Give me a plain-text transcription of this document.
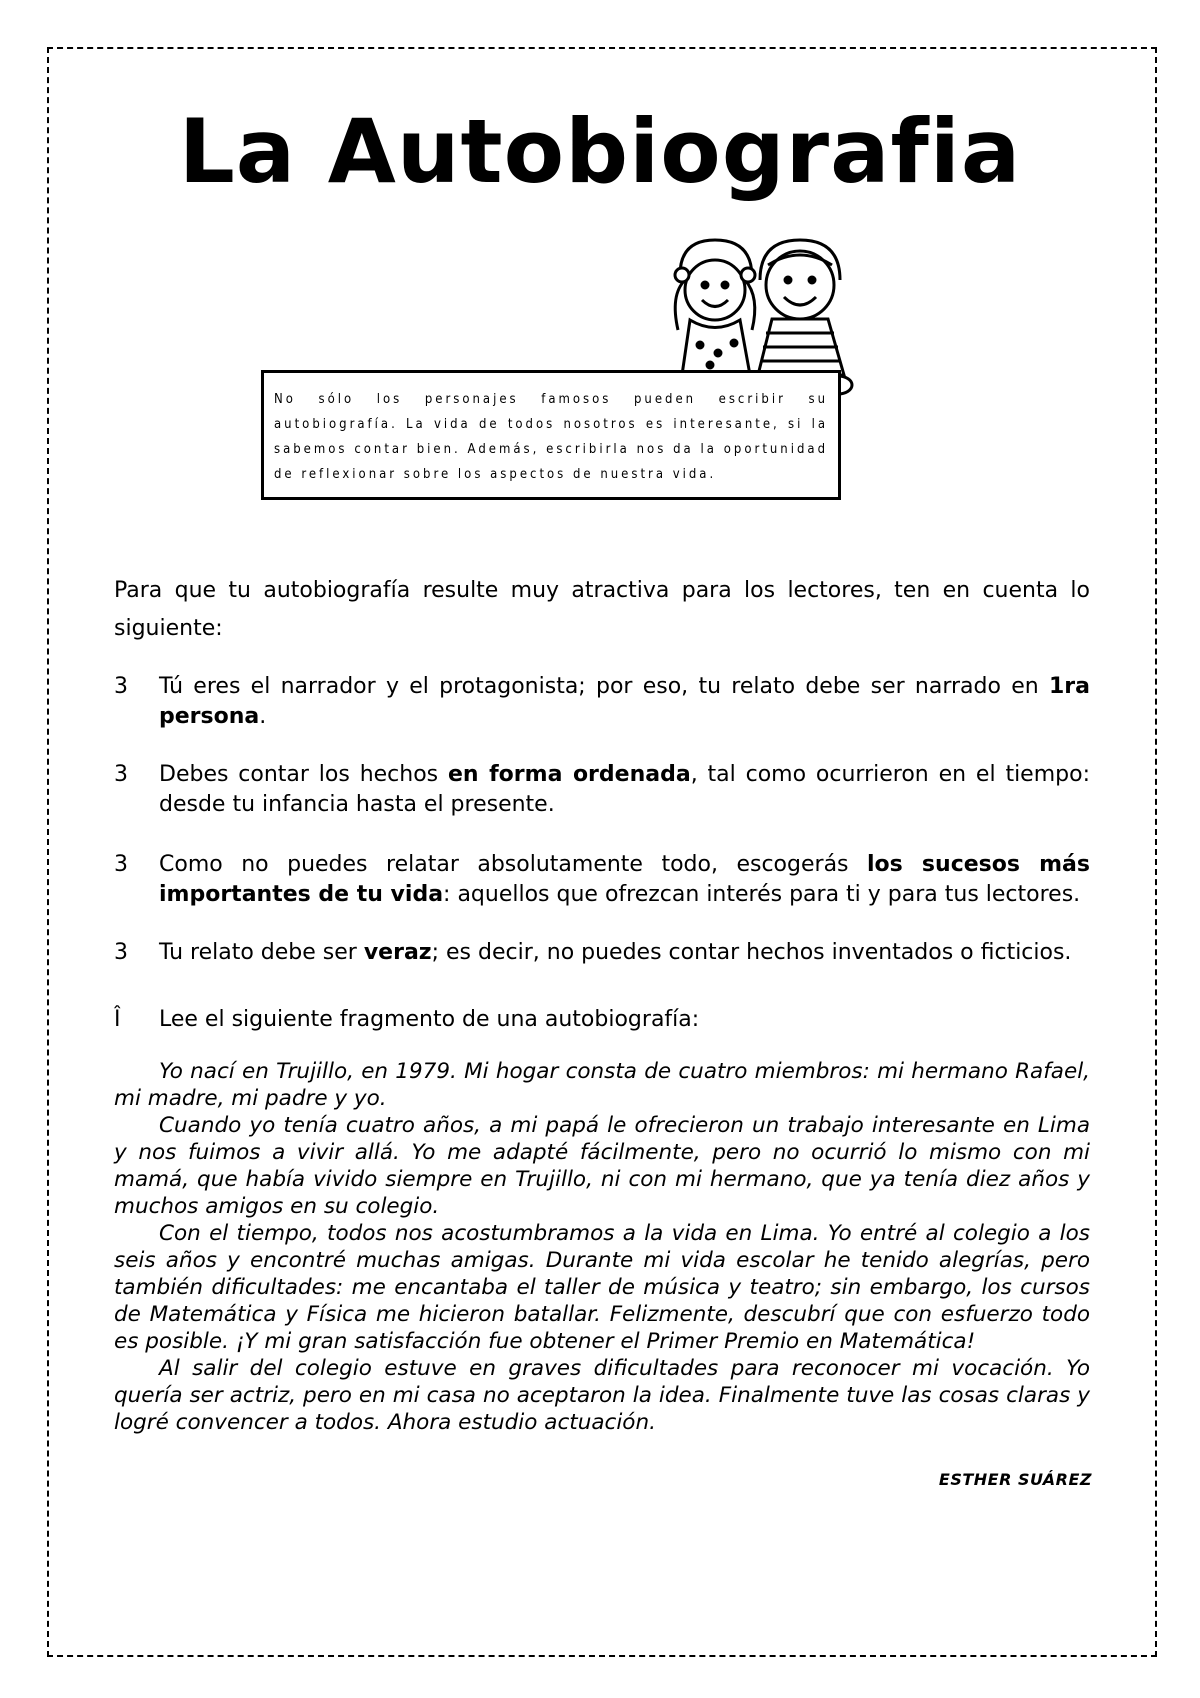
La Autobiografia
No sólo los personajes famosos pueden escribir su autobiografía. La vida de todos nosotros es interesante, si la sabemos contar bien. Además, escribirla nos da la oportunidad de reflexionar sobre los aspectos de nuestra vida.

Para que tu autobiografía resulte muy atractiva para los lectores, ten en cuenta lo siguiente:

3	Tú eres el narrador y el protagonista; por eso, tu relato debe ser narrado en 1ra persona.
3	Debes contar los hechos en forma ordenada, tal como ocurrieron en el tiempo: desde tu infancia hasta el presente.
3	Como no puedes relatar absolutamente todo, escogerás los sucesos más importantes de tu vida: aquellos que ofrezcan interés para ti y para tus lectores.
3	Tu relato debe ser veraz; es decir, no puedes contar hechos inventados o ficticios.
Î	Lee el siguiente fragmento de una autobiografía:

Yo nací en Trujillo, en 1979. Mi hogar consta de cuatro miembros: mi hermano Rafael, mi madre, mi padre y yo.

Cuando yo tenía cuatro años, a mi papá le ofrecieron un trabajo interesante en Lima y nos fuimos a vivir allá. Yo me adapté fácilmente, pero no ocurrió lo mismo con mi mamá, que había vivido siempre en Trujillo, ni con mi hermano, que ya tenía diez años y muchos amigos en su colegio.

Con el tiempo, todos nos acostumbramos a la vida en Lima. Yo entré al colegio a los seis años y encontré muchas amigas. Durante mi vida escolar he tenido alegrías, pero también dificultades: me encantaba el taller de música y teatro; sin embargo, los cursos de Matemática y Física me hicieron batallar. Felizmente, descubrí que con esfuerzo todo es posible. ¡Y mi gran satisfacción fue obtener el Primer Premio en Matemática!

Al salir del colegio estuve en graves dificultades para reconocer mi vocación. Yo quería ser actriz, pero en mi casa no aceptaron la idea. Finalmente tuve las cosas claras y logré convencer a todos. Ahora estudio actuación.

ESTHER SUÁREZ
